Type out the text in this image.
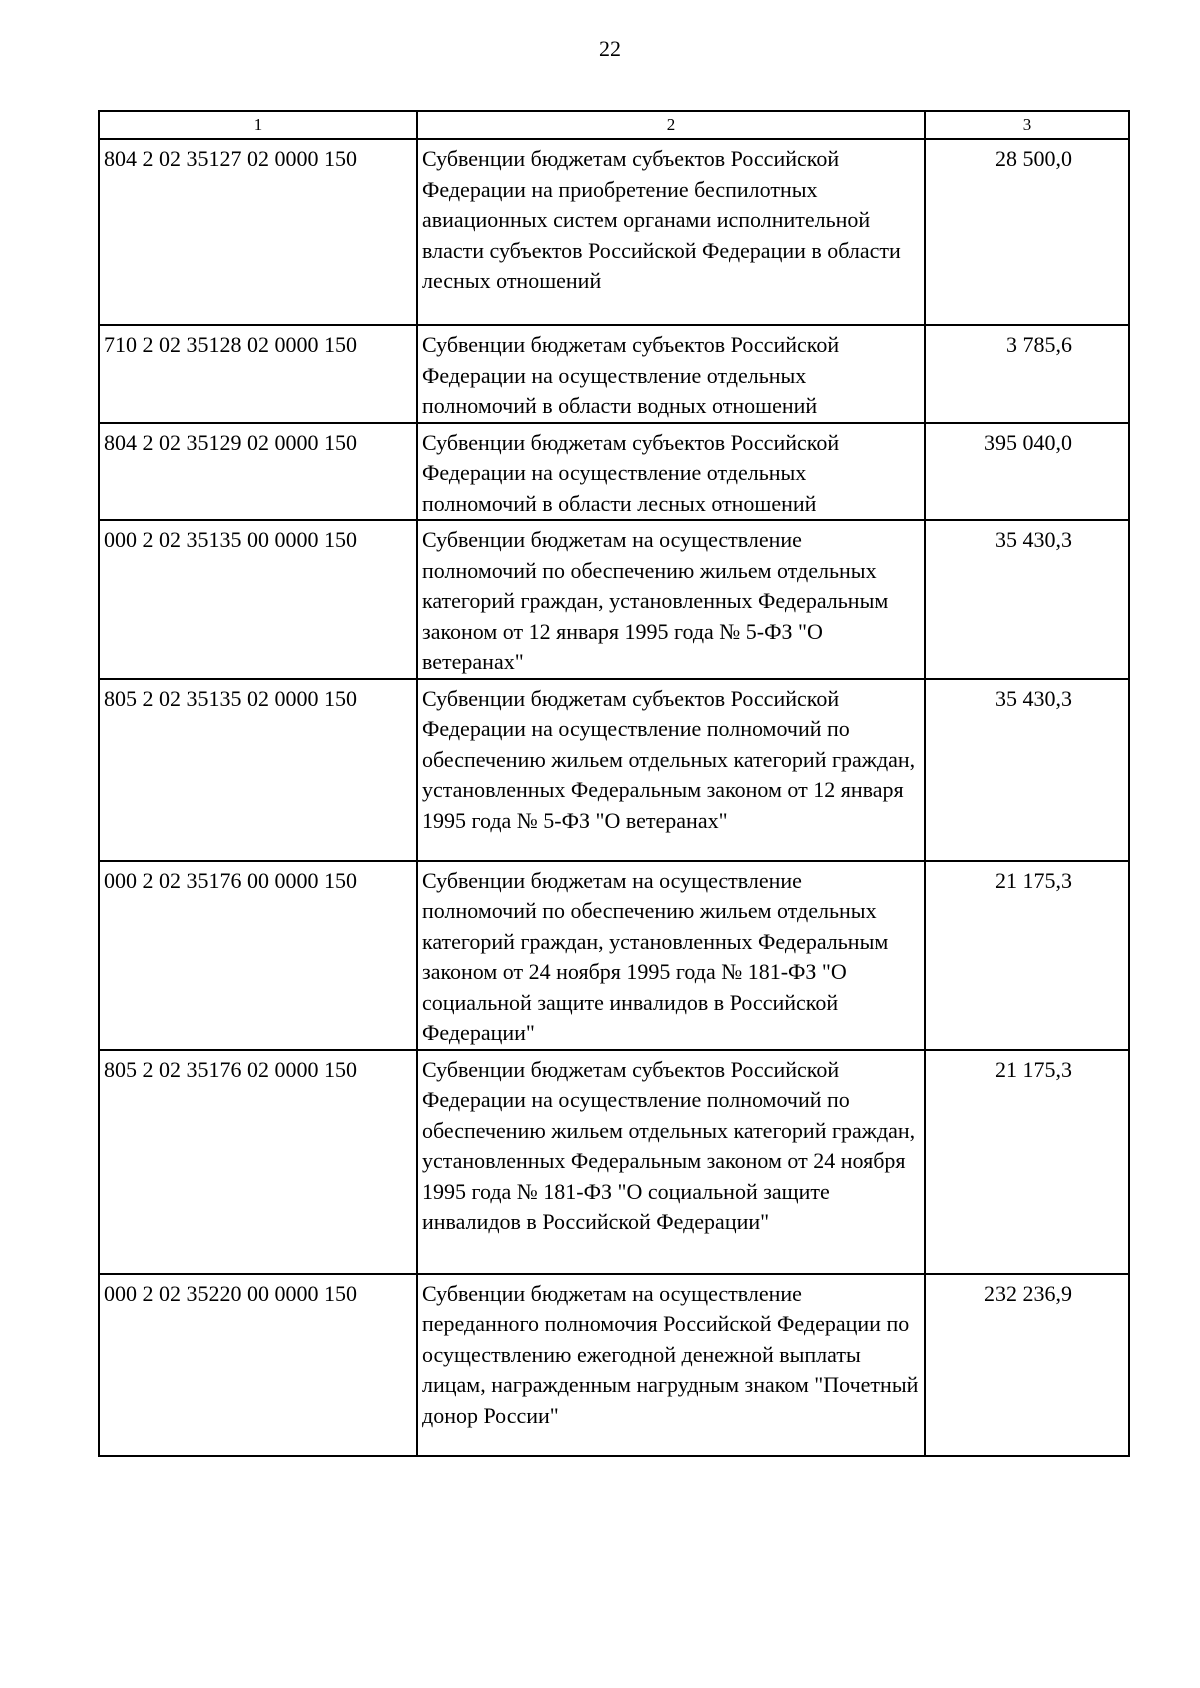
22
1	2	3
804 2 02 35127 02 0000 150	Субвенции бюджетам субъектов Российской Федерации на приобретение беспилотных авиационных систем органами исполнительной власти субъектов Российской Федерации в области лесных отношений	28 500,0
710 2 02 35128 02 0000 150	Субвенции бюджетам субъектов Российской Федерации на осуществление отдельных полномочий в области водных отношений	3 785,6
804 2 02 35129 02 0000 150	Субвенции бюджетам субъектов Российской Федерации на осуществление отдельных полномочий в области лесных отношений	395 040,0
000 2 02 35135 00 0000 150	Субвенции бюджетам на осуществление полномочий по обеспечению жильем отдельных категорий граждан, установленных Федеральным законом от 12 января 1995 года № 5-ФЗ "О ветеранах"	35 430,3
805 2 02 35135 02 0000 150	Субвенции бюджетам субъектов Российской Федерации на осуществление полномочий по обеспечению жильем отдельных категорий граждан, установленных Федеральным законом от 12 января 1995 года № 5-ФЗ "О ветеранах"	35 430,3
000 2 02 35176 00 0000 150	Субвенции бюджетам на осуществление полномочий по обеспечению жильем отдельных категорий граждан, установленных Федеральным законом от 24 ноября 1995 года № 181-ФЗ "О социальной защите инвалидов в Российской Федерации"	21 175,3
805 2 02 35176 02 0000 150	Субвенции бюджетам субъектов Российской Федерации на осуществление полномочий по обеспечению жильем отдельных категорий граждан, установленных Федеральным законом от 24 ноября 1995 года № 181-ФЗ "О социальной защите инвалидов в Российской Федерации"	21 175,3
000 2 02 35220 00 0000 150	Субвенции бюджетам на осуществление переданного полномочия Российской Федерации по осуществлению ежегодной денежной выплаты лицам, награжденным нагрудным знаком "Почетный донор России"	232 236,9
